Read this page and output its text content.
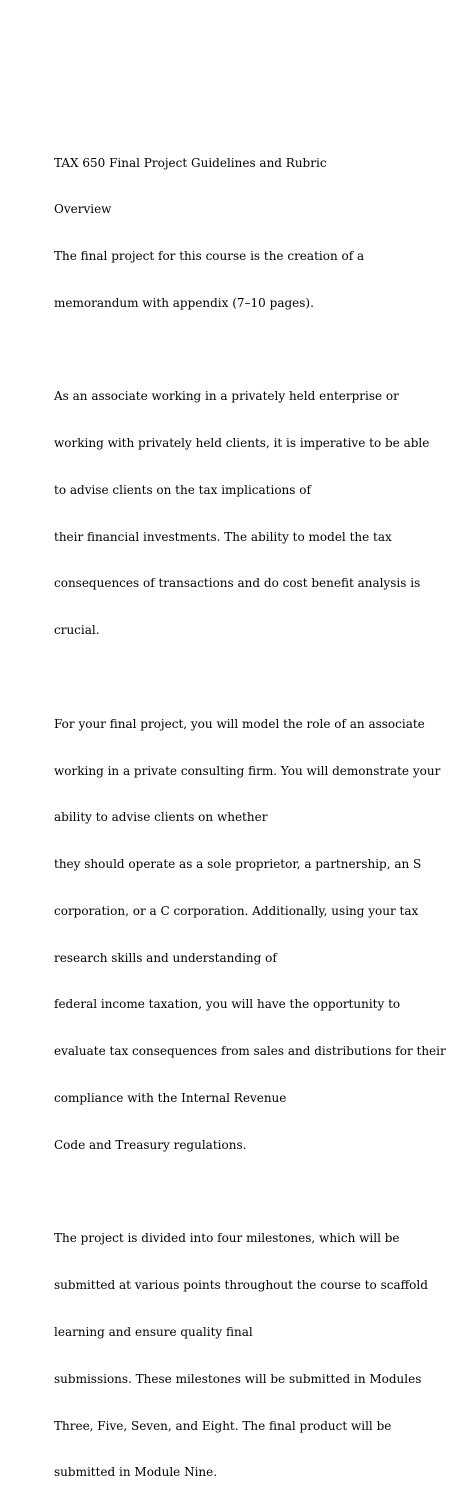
TAX 650 Final Project Guidelines and Rubric

Overview

The final project for this course is the creation of a

memorandum with appendix (7–10 pages).

As an associate working in a privately held enterprise or

working with privately held clients, it is imperative to be able

to advise clients on the tax implications of

their financial investments. The ability to model the tax

consequences of transactions and do cost benefit analysis is

crucial.

For your final project, you will model the role of an associate

working in a private consulting firm. You will demonstrate your

ability to advise clients on whether

they should operate as a sole proprietor, a partnership, an S

corporation, or a C corporation. Additionally, using your tax

research skills and understanding of

federal income taxation, you will have the opportunity to

evaluate tax consequences from sales and distributions for their

compliance with the Internal Revenue

Code and Treasury regulations.

The project is divided into four milestones, which will be

submitted at various points throughout the course to scaffold

learning and ensure quality final

submissions. These milestones will be submitted in Modules

Three, Five, Seven, and Eight. The final product will be

submitted in Module Nine.
